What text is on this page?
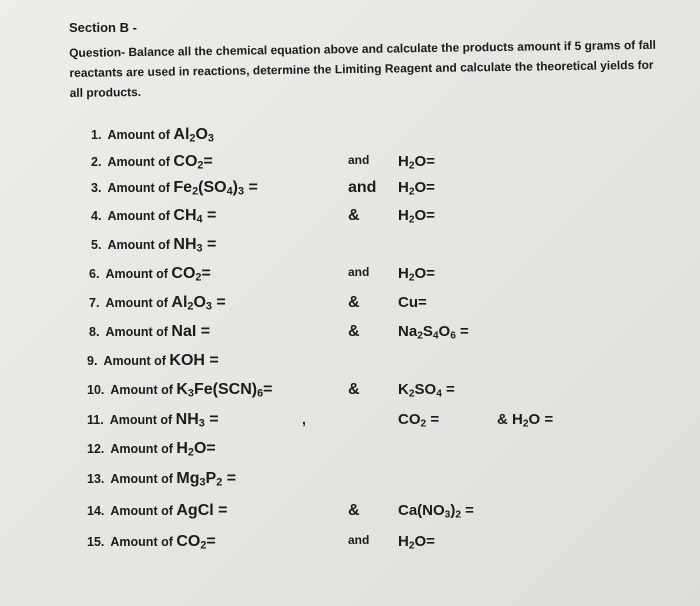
Section B -
Question- Balance all the chemical equation above and calculate the products amount if 5 grams of fall reactants are used in reactions, determine the Limiting Reagent and calculate the theoretical yields for all products.
1. Amount of $Al_2O_3$
2. Amount of $CO_2=$	and $H_2O=$
3. Amount of $Fe_2(SO_4)_3$ =	and $H_2O=$
4. Amount of $CH_4$ =	&	$H_2O=$
5. Amount of $NH_3$ =
6. Amount of $CO_2=$	and $H_2O=$
7. Amount of $Al_2O_3$ =	&	Cu=
8. Amount of NaI =	&	$Na_2S_4O_6$ =
9. Amount of KOH =
10. Amount of $K_3Fe(SCN)_6=$	&	$K_2SO_4$ =
11. Amount of $NH_3$ =	,	$CO_2$ =	& $H_2O$ =
12. Amount of $H_2O=$
13. Amount of $Mg_3P_2$ =
14. Amount of AgCl =	&	$Ca(NO_3)_2$ =
15. Amount of $CO_2=$	and $H_2O=$
